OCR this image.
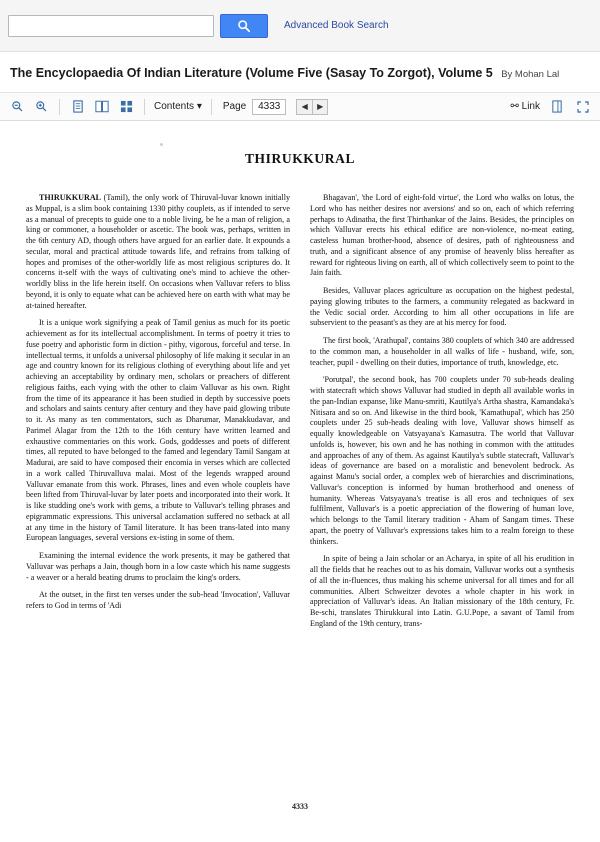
Advanced Book Search
The Encyclopaedia Of Indian Literature (Volume Five (Sasay To Zorgot), Volume 5 By Mohan Lal
Contents ▾ Page	4333	◀	▶	⚯ Link
THIRUKKURAL

THIRUKKURAL (Tamil), the only work of Thiruval-luvar known initially as Muppal, is a slim book containing 1330 pithy couplets, as if intended to serve as a manual of precepts to guide one to a noble living, be he a man of religion, a king or commoner, a householder or ascetic. The book was, perhaps, written in the 6th century AD, though others have argued for an earlier date. It expounds a secular, moral and practical attitude towards life, and refrains from talking of hopes and promises of the other-worldly life as most religious scriptures do. It concerns it-self with the ways of cultivating one's mind to achieve the other-worldly bliss in the life herein itself. On occasions when Valluvar refers to bliss beyond, it is only to equate what can be achieved here on earth with what may be at-tained hereafter.

It is a unique work signifying a peak of Tamil genius as much for its poetic achievement as for its intellectual accomplishment. In terms of poetry it tries to fuse poetry and aphoristic form in diction - pithy, vigorous, forceful and terse. In intellectual terms, it unfolds a universal philosophy of life making it secular in an age and country known for its religious clothing of everything about life and yet achieving an acceptability by ordinary men, scholars or preachers of different religious faiths, each vying with the other to claim Valluvar as his own. Right from the time of its appearance it has been studied in depth by successive poets and scholars and saints century after century and they have paid glowing tribute to it. As many as ten commentators, such as Dharumar, Manakkudavar, and Parimel Alagar from the 12th to the 16th century have written learned and exhaustive commentaries on this work. Gods, goddesses and poets of different times, all reputed to have belonged to the famed and legendary Tamil Sangam at Madurai, are said to have composed their encomia in verses which are collected in a work called Thiruvalluva malai. Most of the legends wrapped around Valluvar emanate from this work. Phrases, lines and even whole couplets have been lifted from Thiruval-luvar by later poets and incorporated into their work. It is like studding one's work with gems, a tribute to Valluvar's telling phrases and epigrammatic expressions. This universal acclamation suffered no setback at all at any time in the history of Tamil literature. It has been trans-lated into many European languages, several versions ex-isting in some of them.

Examining the internal evidence the work presents, it may be gathered that Valluvar was perhaps a Jain, though born in a low caste which his name suggests - a weaver or a herald beating drums to proclaim the king's orders.

At the outset, in the first ten verses under the sub-head 'Invocation', Valluvar refers to God in terms of 'Adi

Bhagavan', 'the Lord of eight-fold virtue', the Lord who walks on lotus, the Lord who has neither desires nor aversions' and so on, each of which referring perhaps to Adinatha, the first Thirthankar of the Jains. Besides, the principles on which Valluvar erects his ethical edifice are non-violence, no-meat eating, casteless human brother-hood, absence of desires, path of righteousness and truth, and a significant absence of any promise of heavenly bliss hereafter as reward for righteous living on earth, all of which collectively seem to point to the Jain faith.

Besides, Valluvar places agriculture as occupation on the highest pedestal, paying glowing tributes to the farmers, a community relegated as backward in the Vedic social order. According to him all other occupations in life are subservient to the peasant's as they are at his mercy for food.

The first book, 'Arathupal', contains 380 couplets of which 340 are addressed to the common man, a householder in all walks of life - husband, wife, son, teacher, pupil - dwelling on their duties, importance of truth, knowledge, etc.

'Porutpal', the second book, has 700 couplets under 70 sub-heads dealing with statecraft which shows Valluvar had studied in depth all available works in the pan-Indian expanse, like Manu-smriti, Kautilya's Artha shastra, Kamandaka's Nitisara and so on. And likewise in the third book, 'Kamathupal', which has 250 couplets under 25 sub-heads dealing with love, Valluvar shows himself as equally knowledgeable on Vatsyayana's Kamasutra. The world that Valluvar unfolds is, however, his own and he has nothing in common with the attitudes and approaches of any of them. As against Kautilya's subtle statecraft, Valluvar's ideas of governance are based on a moralistic and benevolent bedrock. As against Manu's social order, a complex web of hierarchies and discriminations, Valluvar's conception is informed by human brotherhood and oneness of humanity. Whereas Vatsyayana's treatise is all eros and techniques of sex fulfilment, Valluvar's is a poetic appreciation of the flowering of human love, which belongs to the Tamil literary tradition - Aham of Sangam times. These apart, the poetry of Valluvar's expressions takes him to a realm foreign to these thinkers.

In spite of being a Jain scholar or an Acharya, in spite of all his erudition in all the fields that he reaches out to as his domain, Valluvar works out a synthesis of all the in-fluences, thus making his scheme universal for all times and for all communities. Albert Schweitzer devotes a whole chapter in his work in appreciation of Valluvar's ideas. An Italian missionary of the 18th century, Fr. Be-schi, translates Thirukkural into Latin. G.U.Pope, a savant of Tamil from England of the 19th century, trans-

4333
